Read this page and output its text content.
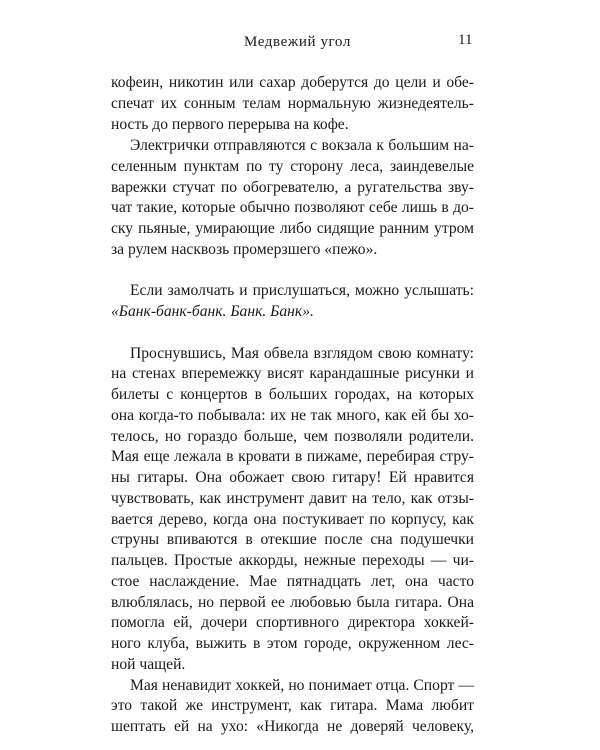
Медвежий угол	11
кофеин, никотин или сахар доберутся до цели и обе-
спечат их сонным телам нормальную жизнедеятель-
ность до первого перерыва на кофе.
Электрички отправляются с вокзала к большим на-
селенным пунктам по ту сторону леса, заиндевелые
варежки стучат по обогревателю, а ругательства зву-
чат такие, которые обычно позволяют себе лишь в до-
ску пьяные, умирающие либо сидящие ранним утром
за рулем насквозь промерзшего «пежо».
Если замолчать и прислушаться, можно услышать:
«Банк-банк-банк. Банк. Банк».
Проснувшись, Мая обвела взглядом свою комнату:
на стенах вперемежку висят карандашные рисунки и
билеты с концертов в больших городах, на которых
она когда-то побывала: их не так много, как ей бы хо-
телось, но гораздо больше, чем позволяли родители.
Мая еще лежала в кровати в пижаме, перебирая стру-
ны гитары. Она обожает свою гитару! Ей нравится
чувствовать, как инструмент давит на тело, как отзы-
вается дерево, когда она постукивает по корпусу, как
струны впиваются в отекшие после сна подушечки
пальцев. Простые аккорды, нежные переходы — чи-
стое наслаждение. Мае пятнадцать лет, она часто
влюблялась, но первой ее любовью была гитара. Она
помогла ей, дочери спортивного директора хоккей-
ного клуба, выжить в этом городе, окруженном лес-
ной чащей.
Мая ненавидит хоккей, но понимает отца. Спорт —
это такой же инструмент, как гитара. Мама любит
шептать ей на ухо: «Никогда не доверяй человеку,
